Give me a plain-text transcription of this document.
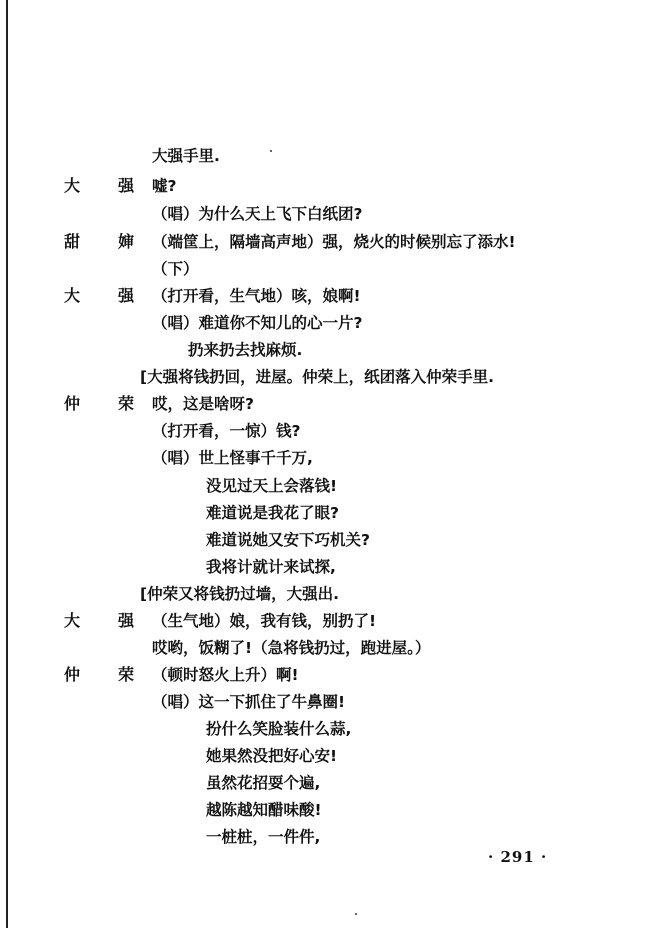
大强手里.
大 强 嘘?
（唱）为什么天上飞下白纸团?
甜 婶 （端筐上，隔墙高声地）强，烧火的时候别忘了添水!
（下）
大 强 （打开看，生气地）咳，娘啊!
（唱）难道你不知儿的心一片?
扔来扔去找麻烦.
[大强将钱扔回，进屋。仲荣上，纸团落入仲荣手里.
仲 荣 哎，这是啥呀?
（打开看，一惊）钱?
（唱）世上怪事千千万,
没见过天上会落钱!
难道说是我花了眼?
难道说她又安下巧机关?
我将计就计来试探,
[仲荣又将钱扔过墙，大强出.
大 强 （生气地）娘，我有钱，别扔了!
哎哟，饭糊了!（急将钱扔过，跑进屋。）
仲 荣 （顿时怒火上升）啊!
（唱）这一下抓住了牛鼻圈!
扮什么笑脸装什么蒜,
她果然没把好心安!
虽然花招耍个遍,
越陈越知醋味酸!
一桩桩，一件件,
· 291 ·
